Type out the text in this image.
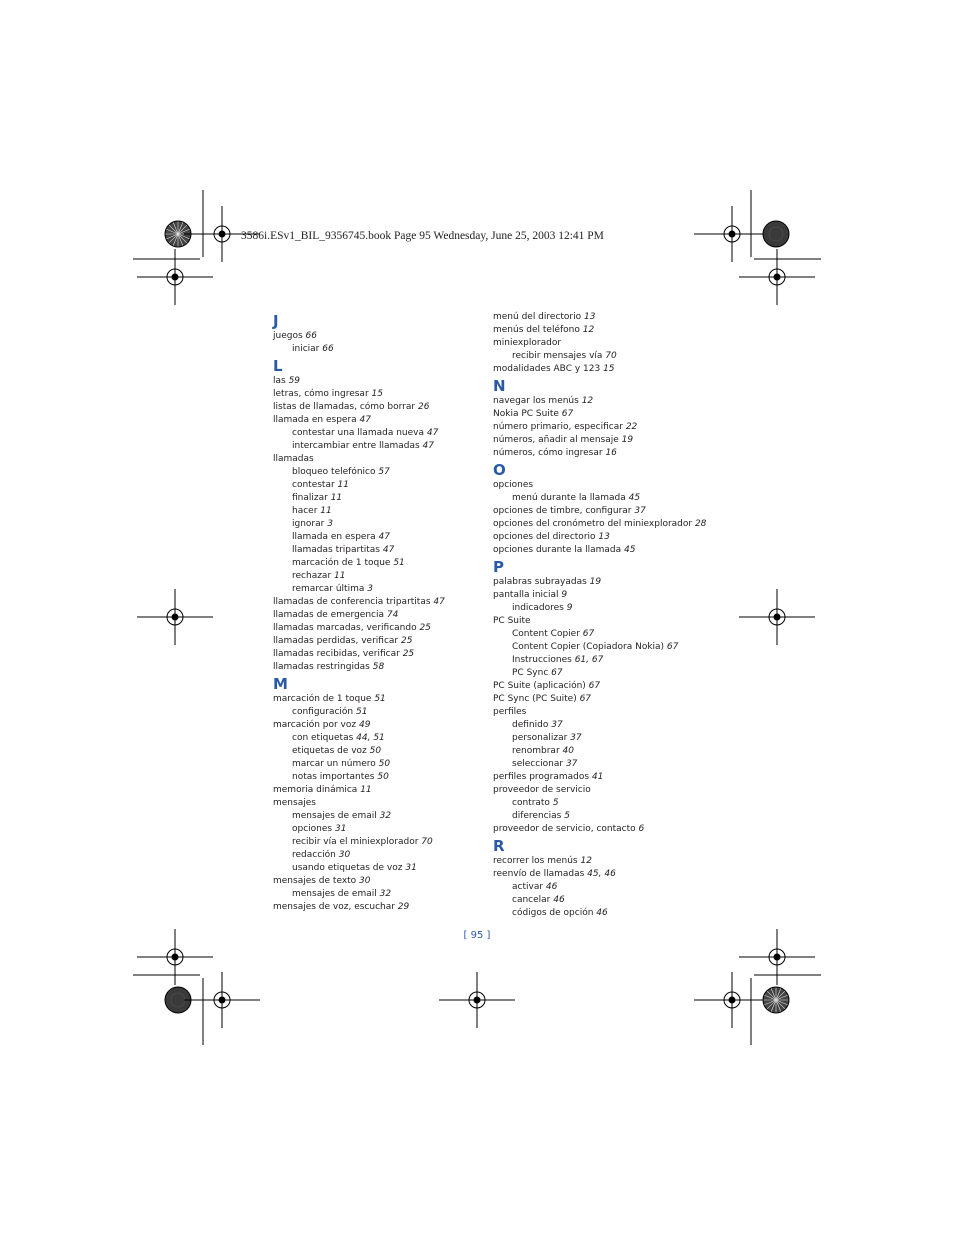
3586i.ESv1_BIL_9356745.book Page 95 Wednesday, June 25, 2003 12:41 PM
J
juegos 66
iniciar 66
L
las 59
letras, cómo ingresar 15
listas de llamadas, cómo borrar 26
llamada en espera 47
contestar una llamada nueva 47
intercambiar entre llamadas 47
llamadas
bloqueo telefónico 57
contestar 11
finalizar 11
hacer 11
ignorar 3
llamada en espera 47
llamadas tripartitas 47
marcación de 1 toque 51
rechazar 11
remarcar última 3
llamadas de conferencia tripartitas 47
llamadas de emergencia 74
llamadas marcadas, verificando 25
llamadas perdidas, verificar 25
llamadas recibidas, verificar 25
llamadas restringidas 58
M
marcación de 1 toque 51
configuración 51
marcación por voz 49
con etiquetas 44, 51
etiquetas de voz 50
marcar un número 50
notas importantes 50
memoria dinámica 11
mensajes
mensajes de email 32
opciones 31
recibir vía el miniexplorador 70
redacción 30
usando etiquetas de voz 31
mensajes de texto 30
mensajes de email 32
mensajes de voz, escuchar 29
menú del directorio 13
menús del teléfono 12
miniexplorador
recibir mensajes vía 70
modalidades ABC y 123 15
N
navegar los menús 12
Nokia PC Suite 67
número primario, especificar 22
números, añadir al mensaje 19
números, cómo ingresar 16
O
opciones
menú durante la llamada 45
opciones de timbre, configurar 37
opciones del cronómetro del miniexplorador 28
opciones del directorio 13
opciones durante la llamada 45
P
palabras subrayadas 19
pantalla inicial 9
indicadores 9
PC Suite
Content Copier 67
Content Copier (Copiadora Nokia) 67
Instrucciones 61, 67
PC Sync 67
PC Suite (aplicación) 67
PC Sync (PC Suite) 67
perfiles
definido 37
personalizar 37
renombrar 40
seleccionar 37
perfiles programados 41
proveedor de servicio
contrato 5
diferencias 5
proveedor de servicio, contacto 6
R
recorrer los menús 12
reenvío de llamadas 45, 46
activar 46
cancelar 46
códigos de opción 46
[ 95 ]
